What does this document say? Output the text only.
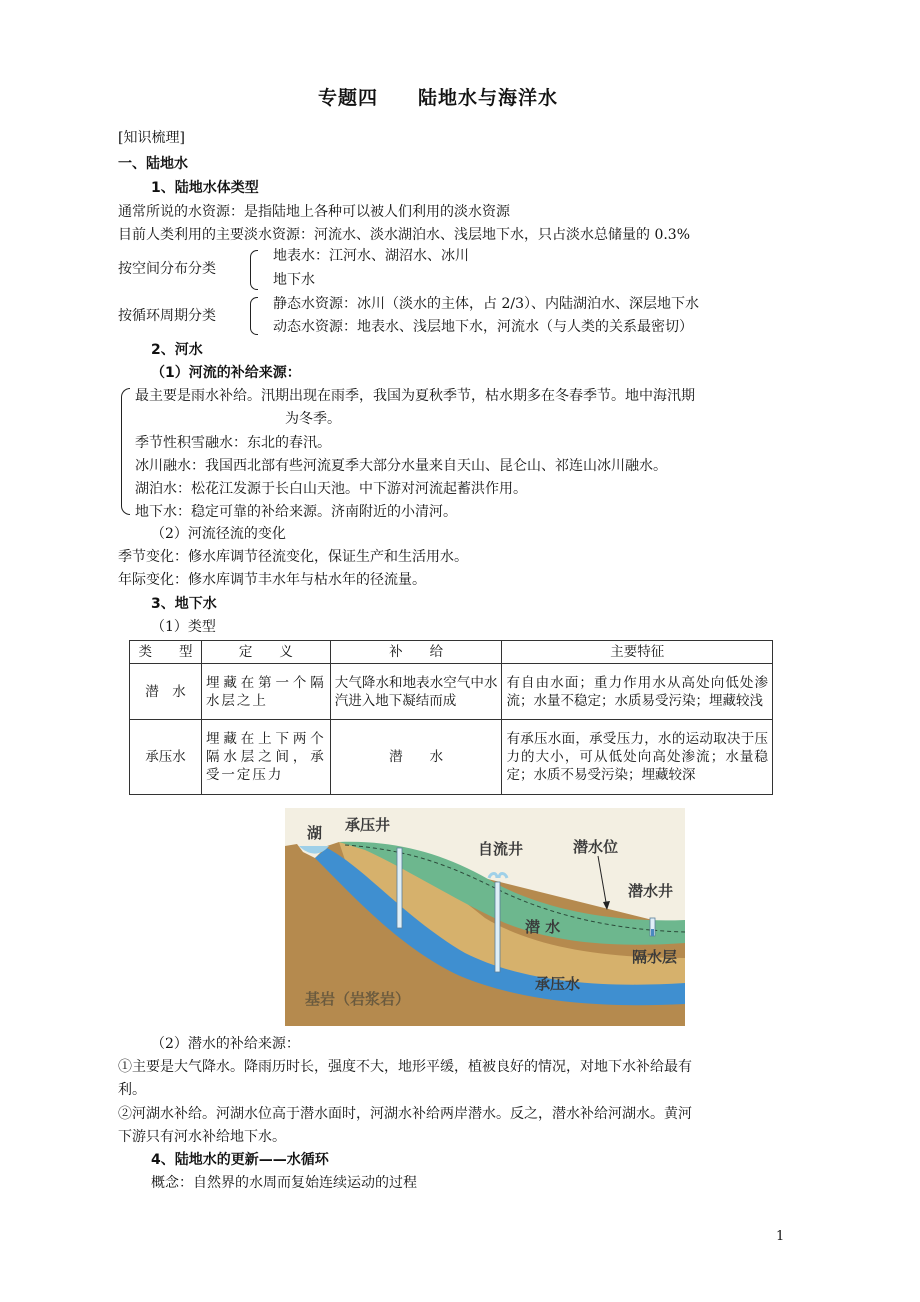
专题四　　陆地水与海洋水
[知识梳理]
一、陆地水
1、陆地水体类型
通常所说的水资源：是指陆地上各种可以被人们利用的淡水资源
目前人类利用的主要淡水资源：河流水、淡水湖泊水、浅层地下水，只占淡水总储量的 0.3%
按空间分布分类
地表水：江河水、湖沼水、冰川
地下水
按循环周期分类
静态水资源：冰川（淡水的主体，占 2/3）、内陆湖泊水、深层地下水
动态水资源：地表水、浅层地下水，河流水（与人类的关系最密切）
2、河水
（1）河流的补给来源：
最主要是雨水补给。汛期出现在雨季，我国为夏秋季节，枯水期多在冬春季节。地中海汛期
为冬季。
季节性积雪融水：东北的春汛。
冰川融水：我国西北部有些河流夏季大部分水量来自天山、昆仑山、祁连山冰川融水。
湖泊水：松花江发源于长白山天池。中下游对河流起蓄洪作用。
地下水：稳定可靠的补给来源。济南附近的小清河。
（2）河流径流的变化
季节变化：修水库调节径流变化，保证生产和生活用水。
年际变化：修水库调节丰水年与枯水年的径流量。
3、地下水
（1）类型
类　　型	定　　义	补　　给	主要特征
潜　水	埋藏在第一个隔水层之上	大气降水和地表水空气中水汽进入地下凝结而成	有自由水面；重力作用水从高处向低处渗流；水量不稳定；水质易受污染；埋藏较浅
承压水	埋藏在上下两个隔水层之间，承受一定压力	潜　　水	有承压水面，承受压力，水的运动取决于压力的大小，可从低处向高处渗流；水量稳定；水质不易受污染；埋藏较深
湖 承压井
自流井	潜水位
潜水井
潜 水
隔水层
承压水
基岩（岩浆岩）
（2）潜水的补给来源：
①主要是大气降水。降雨历时长，强度不大，地形平缓，植被良好的情况，对地下水补给最有
利。
②河湖水补给。河湖水位高于潜水面时，河湖水补给两岸潜水。反之，潜水补给河湖水。黄河
下游只有河水补给地下水。
4、陆地水的更新——水循环
概念：自然界的水周而复始连续运动的过程
1
